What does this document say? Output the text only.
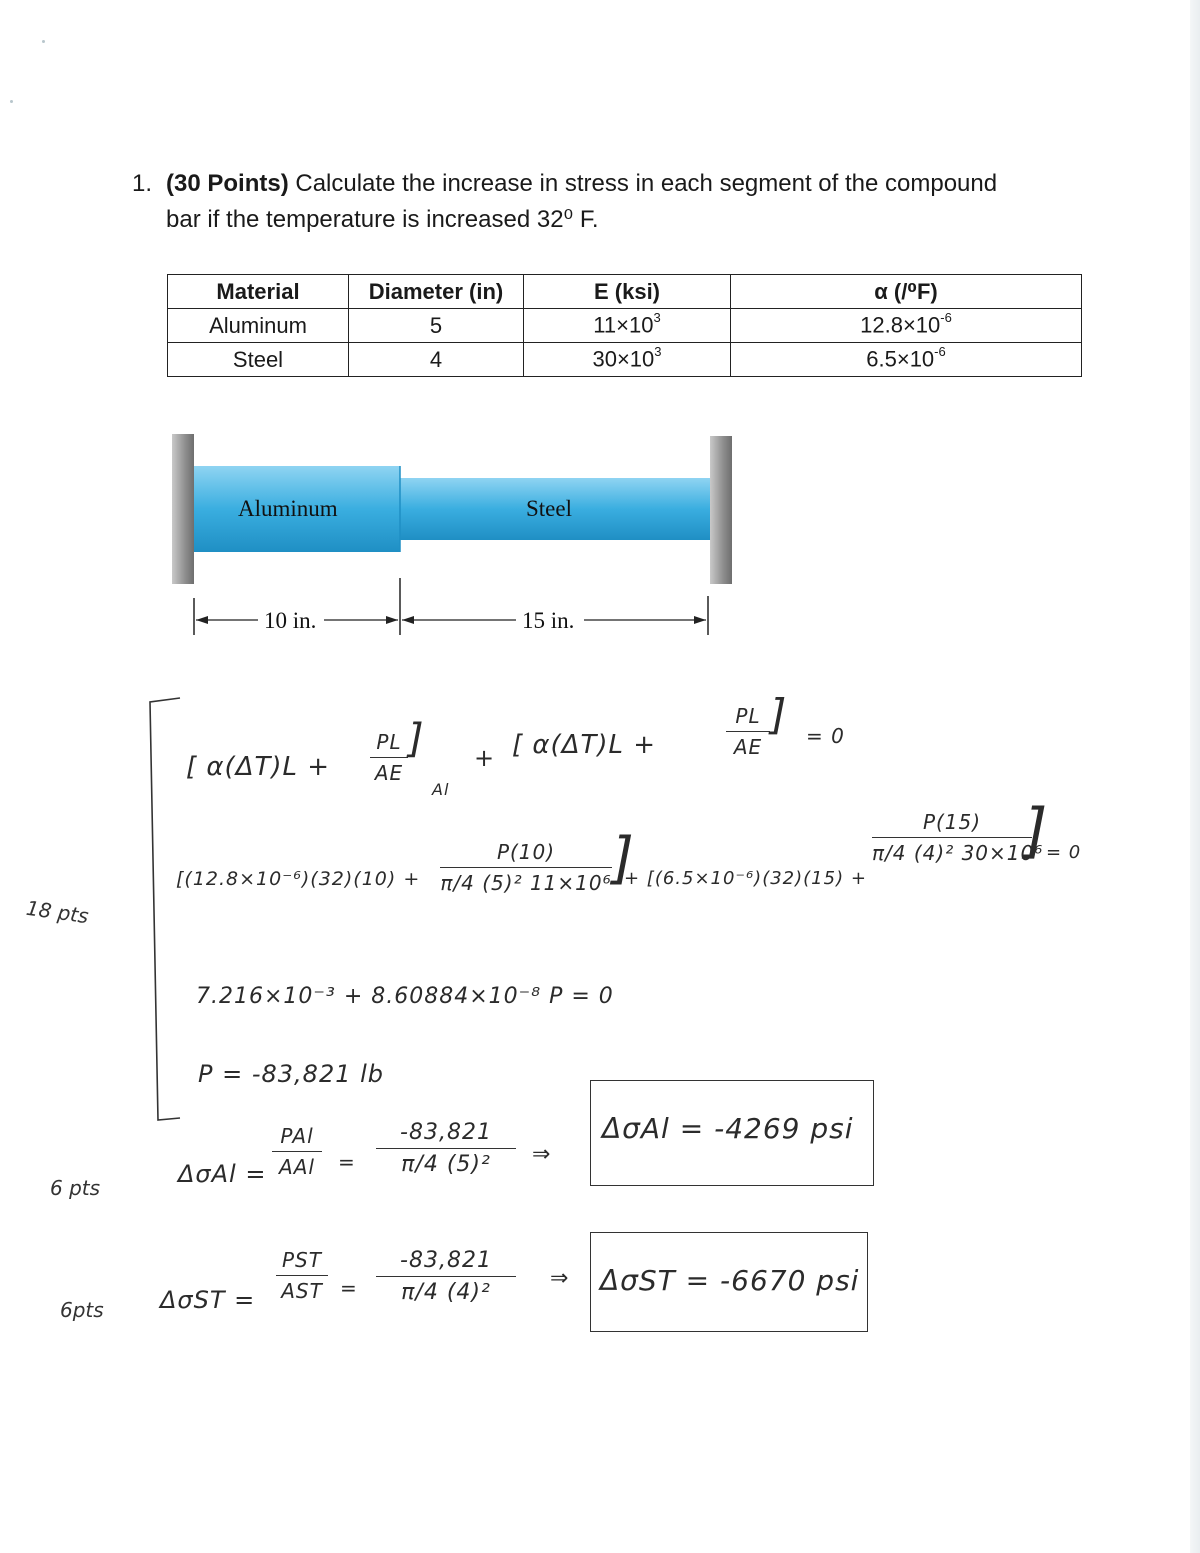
1. (30 Points) Calculate the increase in stress in each segment of the compound
bar if the temperature is increased 32⁰ F.
Material	Diameter (in)	E (ksi)	α (/⁰F)
Aluminum	5	$11\times 10^3$	$12.8\times 10^{-6}$
Steel	4	$30\times 10^3$	$6.5\times 10^{-6}$
Aluminum	Steel
10 in.	15 in.
[ α(ΔT)L +
PL
AE
]
Al
+ [ α(ΔT)L +
PL
AE
] = 0
[(12.8×10⁻⁶)(32)(10) +
P(10)
π/4 (5)² 11×10⁶ ]
+ [(6.5×10⁻⁶)(32)(15) +
P(15)
π/4 (4)² 30×10⁶
]
= 0
7.216×10⁻³ + 8.60884×10⁻⁸ P = 0
P = -83,821 lb
ΔσAl =
PAl
AAl	=
-83,821
π/4 (5)²	⇒
ΔσAl = -4269 psi
ΔσST =
PST
AST =
-83,821
π/4 (4)²
⇒ ΔσST = -6670 psi
18 pts
6 pts
6pts
